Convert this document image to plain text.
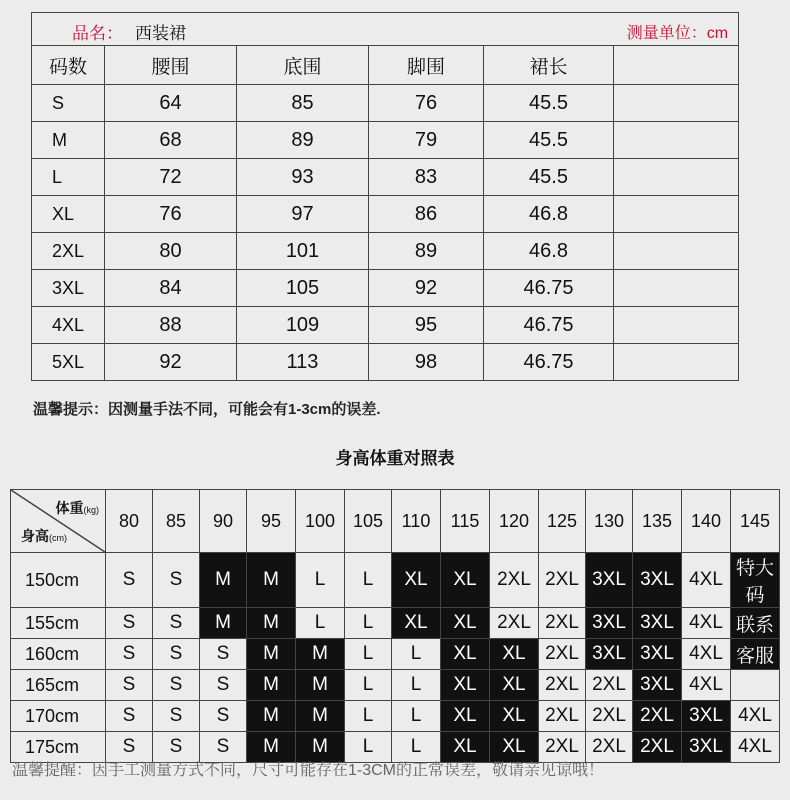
品名： 西装裙 测量单位：cm					

码数	腰围	底围	脚围	裙长	
S	64	85	76	45.5	
M	68	89	79	45.5	
L	72	93	83	45.5	
XL	76	97	86	46.8	
2XL	80	101	89	46.8	
3XL	84	105	92	46.75	
4XL	88	109	95	46.75	
5XL	92	113	98	46.75	
温馨提示：因测量手法不同，可能会有1-3cm的误差.
身高体重对照表
体重(kg)
身高(cm)	80	85	90	95	100	105	110	115	120	125	130	135	140	145
150cm	S	S	M	M	L	L	XL	XL	2XL	2XL	3XL	3XL	4XL	特大码
155cm	S	S	M	M	L	L	XL	XL	2XL	2XL	3XL	3XL	4XL	联系
160cm	S	S	S	M	M	L	L	XL	XL	2XL	3XL	3XL	4XL	客服
165cm	S	S	S	M	M	L	L	XL	XL	2XL	2XL	3XL	4XL	
170cm	S	S	S	M	M	L	L	XL	XL	2XL	2XL	2XL	3XL	4XL
175cm	S	S	S	M	M	L	L	XL	XL	2XL	2XL	2XL	3XL	4XL
温馨提醒：因手工测量方式不同，尺寸可能存在1-3CM的正常误差，敬请亲见谅哦！
